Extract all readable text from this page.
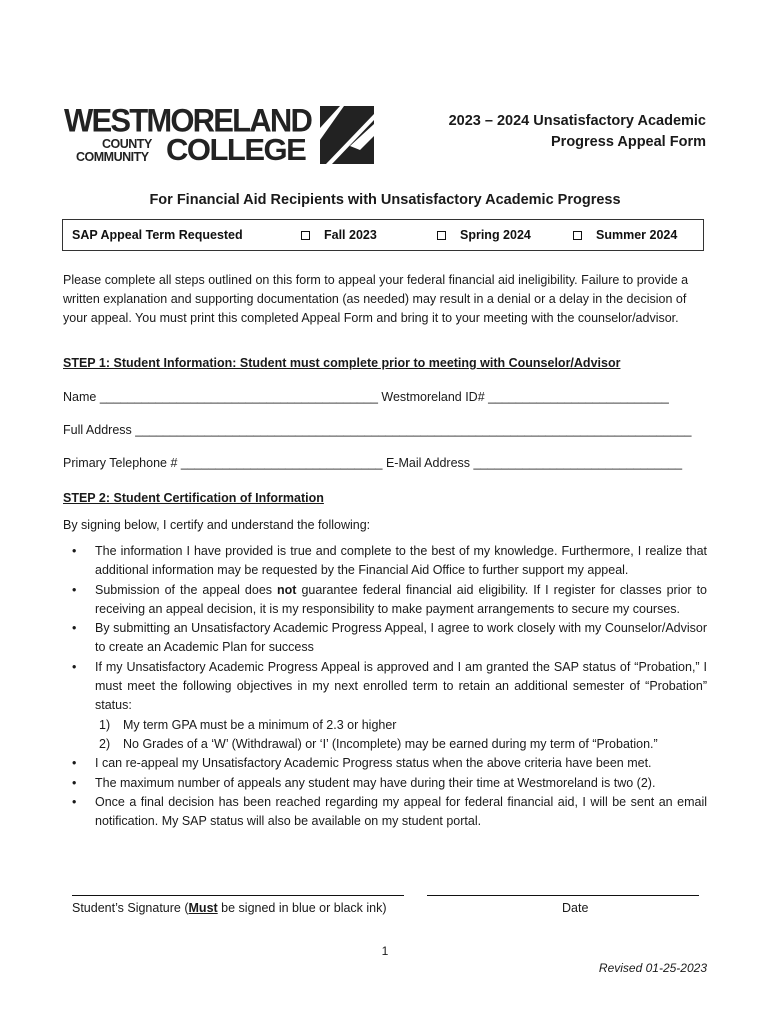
WESTMORELAND
COUNTY
COMMUNITY COLLEGE
2023 – 2024 Unsatisfactory Academic
Progress Appeal Form
For Financial Aid Recipients with Unsatisfactory Academic Progress
SAP Appeal Term Requested	Fall 2023	Spring 2024	Summer 2024
Please complete all steps outlined on this form to appeal your federal financial aid ineligibility. Failure to provide a written explanation and supporting documentation (as needed) may result in a denial or a delay in the decision of your appeal. You must print this completed Appeal Form and bring it to your meeting with the counselor/advisor.
STEP 1: Student Information: Student must complete prior to meeting with Counselor/Advisor
Name ________________________________________ Westmoreland ID# __________________________
Full Address ________________________________________________________________________________
Primary Telephone # _____________________________ E-Mail Address ______________________________
STEP 2: Student Certification of Information
By signing below, I certify and understand the following:
• The information I have provided is true and complete to the best of my knowledge. Furthermore, I realize that additional information may be requested by the Financial Aid Office to further support my appeal.
• Submission of the appeal does not guarantee federal financial aid eligibility. If I register for classes prior to receiving an appeal decision, it is my responsibility to make payment arrangements to secure my courses.
• By submitting an Unsatisfactory Academic Progress Appeal, I agree to work closely with my Counselor/Advisor to create an Academic Plan for success
• If my Unsatisfactory Academic Progress Appeal is approved and I am granted the SAP status of “Probation,” I must meet the following objectives in my next enrolled term to retain an additional semester of “Probation” status:
1) My term GPA must be a minimum of 2.3 or higher
2) No Grades of a ‘W’ (Withdrawal) or ‘I’ (Incomplete) may be earned during my term of “Probation.”
• I can re-appeal my Unsatisfactory Academic Progress status when the above criteria have been met.
• The maximum number of appeals any student may have during their time at Westmoreland is two (2).
• Once a final decision has been reached regarding my appeal for federal financial aid, I will be sent an email notification. My SAP status will also be available on my student portal.
Student’s Signature (Must be signed in blue or black ink)	Date
1
Revised 01-25-2023
